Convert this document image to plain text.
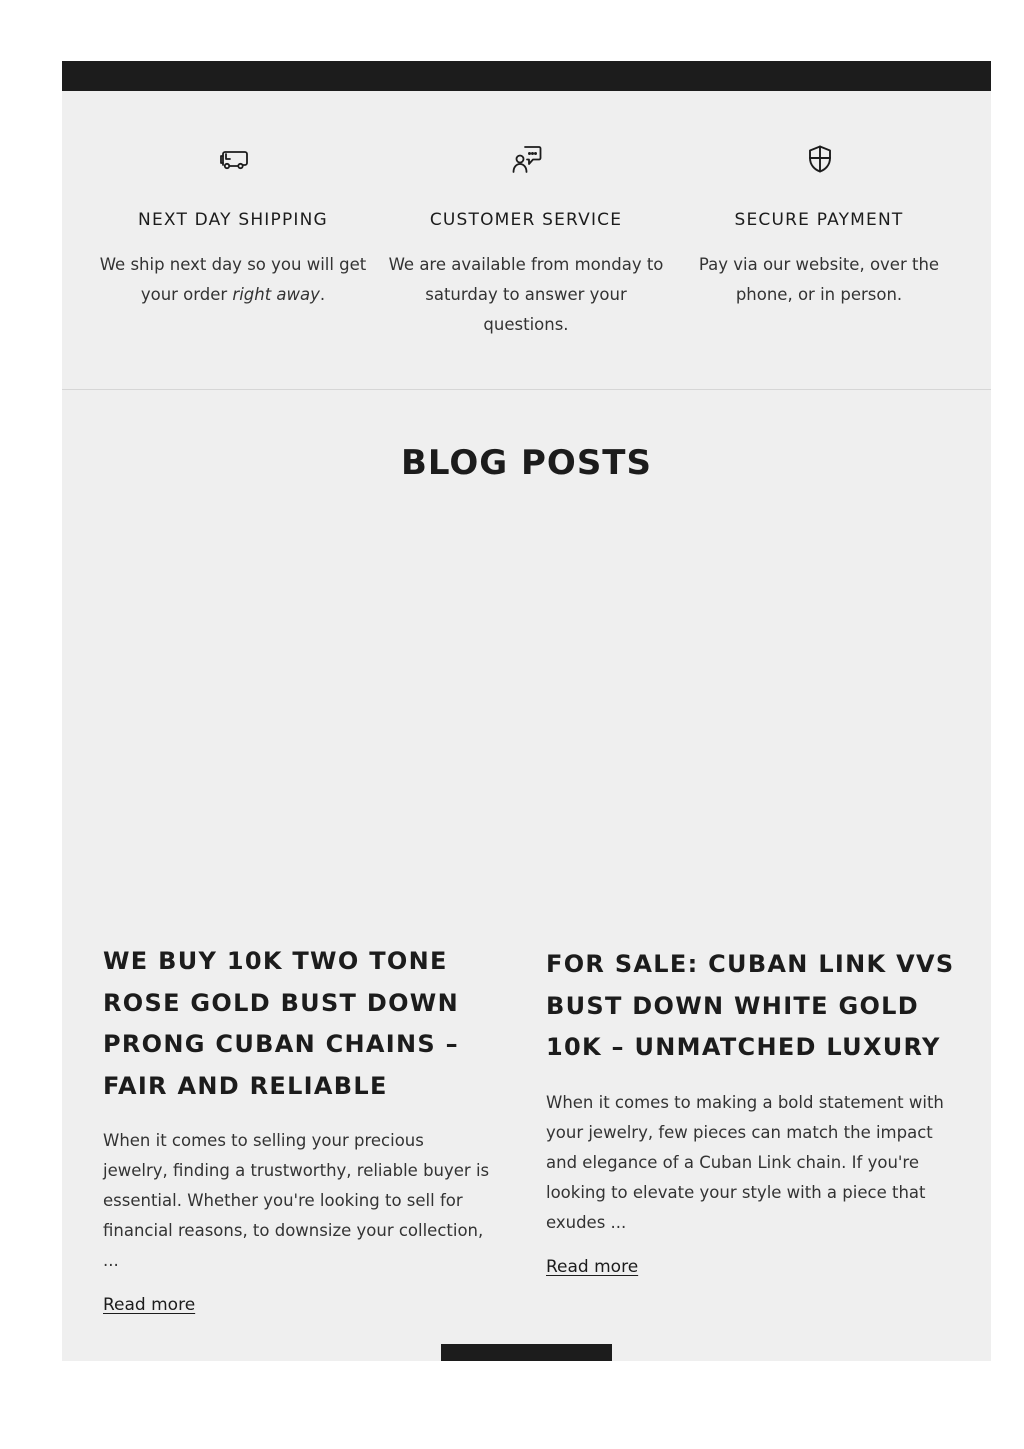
NEXT DAY SHIPPING
We ship next day so you will get your order right away.
CUSTOMER SERVICE
We are available from monday to saturday to answer your questions.
SECURE PAYMENT
Pay via our website, over the phone, or in person.
BLOG POSTS
WE BUY 10K TWO TONE ROSE GOLD BUST DOWN PRONG CUBAN CHAINS – FAIR AND RELIABLE
When it comes to selling your precious jewelry, finding a trustworthy, reliable buyer is essential. Whether you're looking to sell for financial reasons, to downsize your collection, ...
Read more
FOR SALE: CUBAN LINK VVS BUST DOWN WHITE GOLD 10K – UNMATCHED LUXURY
When it comes to making a bold statement with your jewelry, few pieces can match the impact and elegance of a Cuban Link chain. If you're looking to elevate your style with a piece that exudes ...
Read more
